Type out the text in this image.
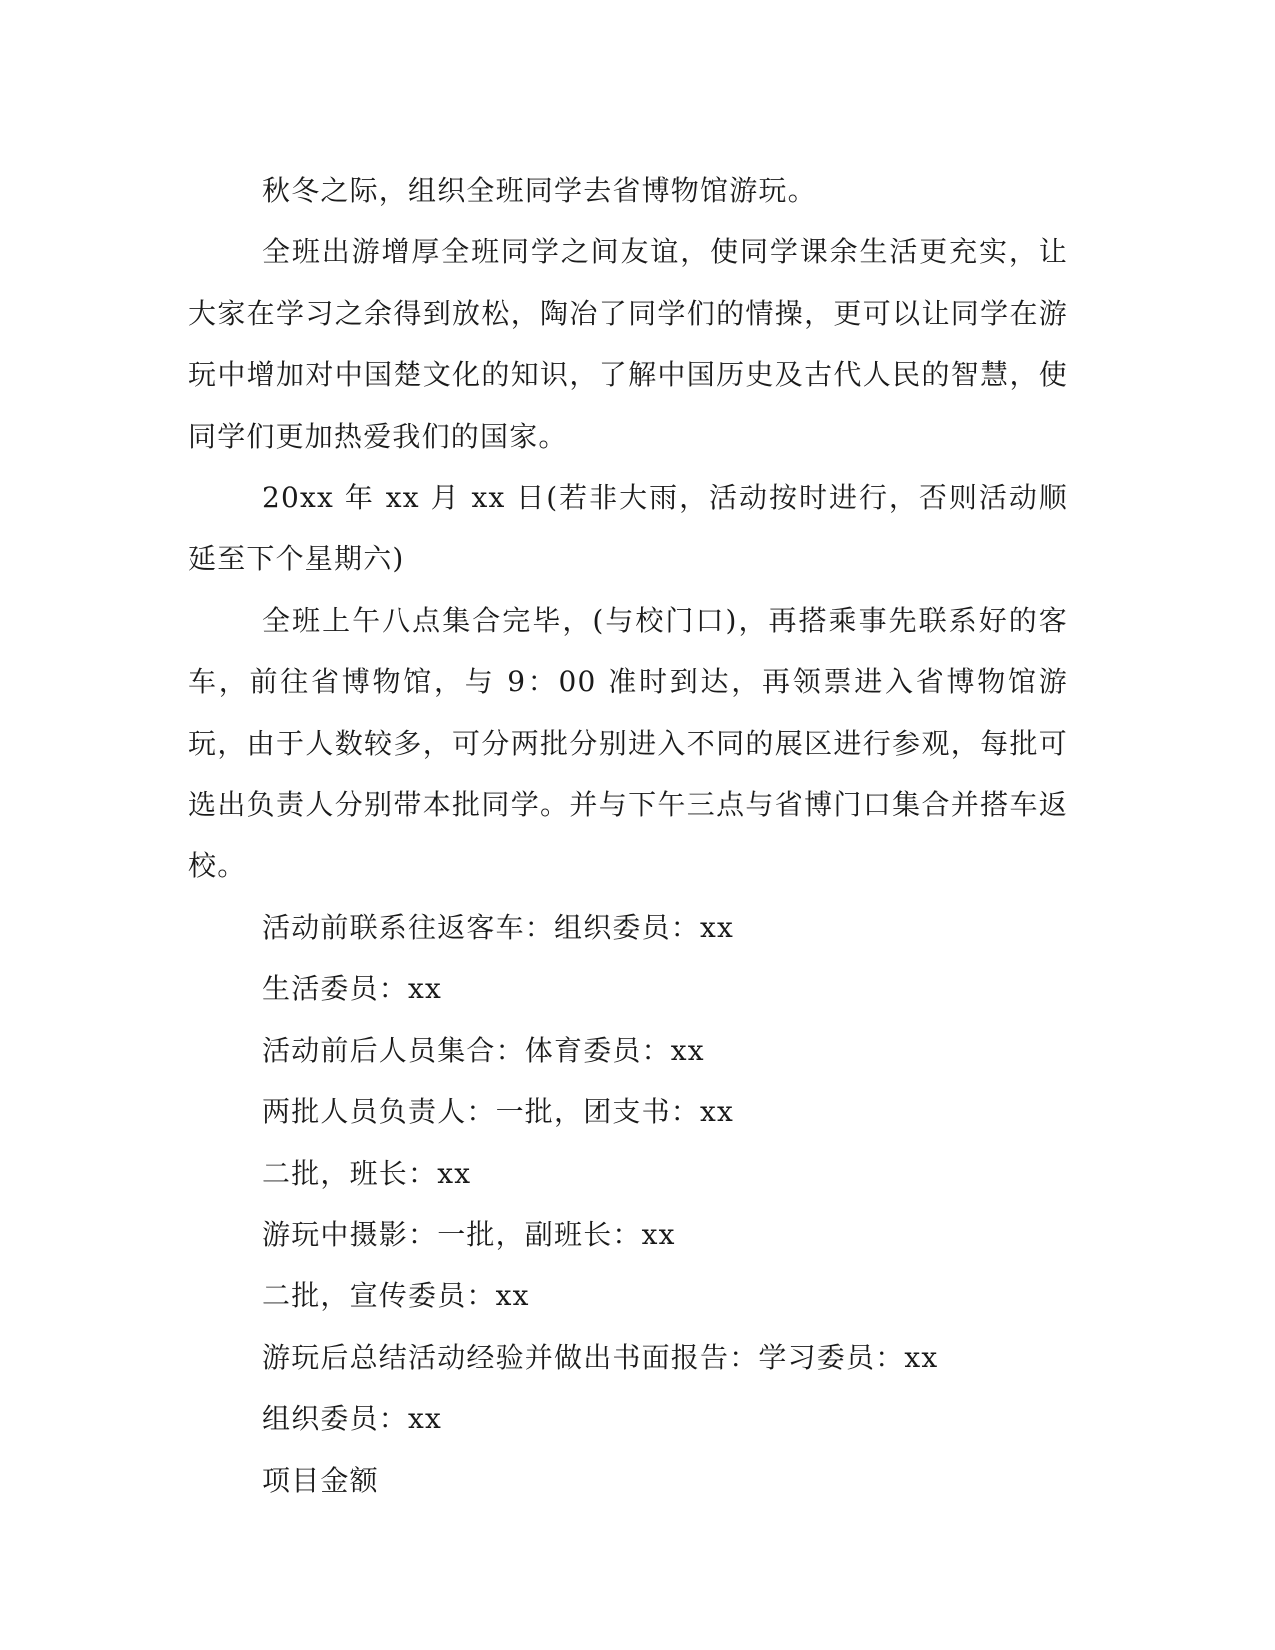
秋冬之际，组织全班同学去省博物馆游玩。

全班出游增厚全班同学之间友谊，使同学课余生活更充实，让大家在学习之余得到放松，陶冶了同学们的情操，更可以让同学在游玩中增加对中国楚文化的知识，了解中国历史及古代人民的智慧，使同学们更加热爱我们的国家。

20xx 年 xx 月 xx 日(若非大雨，活动按时进行，否则活动顺延至下个星期六)

全班上午八点集合完毕，(与校门口)，再搭乘事先联系好的客车，前往省博物馆，与 9：00 准时到达，再领票进入省博物馆游玩，由于人数较多，可分两批分别进入不同的展区进行参观，每批可选出负责人分别带本批同学。并与下午三点与省博门口集合并搭车返校。

活动前联系往返客车：组织委员：xx

生活委员：xx

活动前后人员集合：体育委员：xx

两批人员负责人：一批，团支书：xx

二批，班长：xx

游玩中摄影：一批，副班长：xx

二批，宣传委员：xx

游玩后总结活动经验并做出书面报告：学习委员：xx

组织委员：xx

项目金额
